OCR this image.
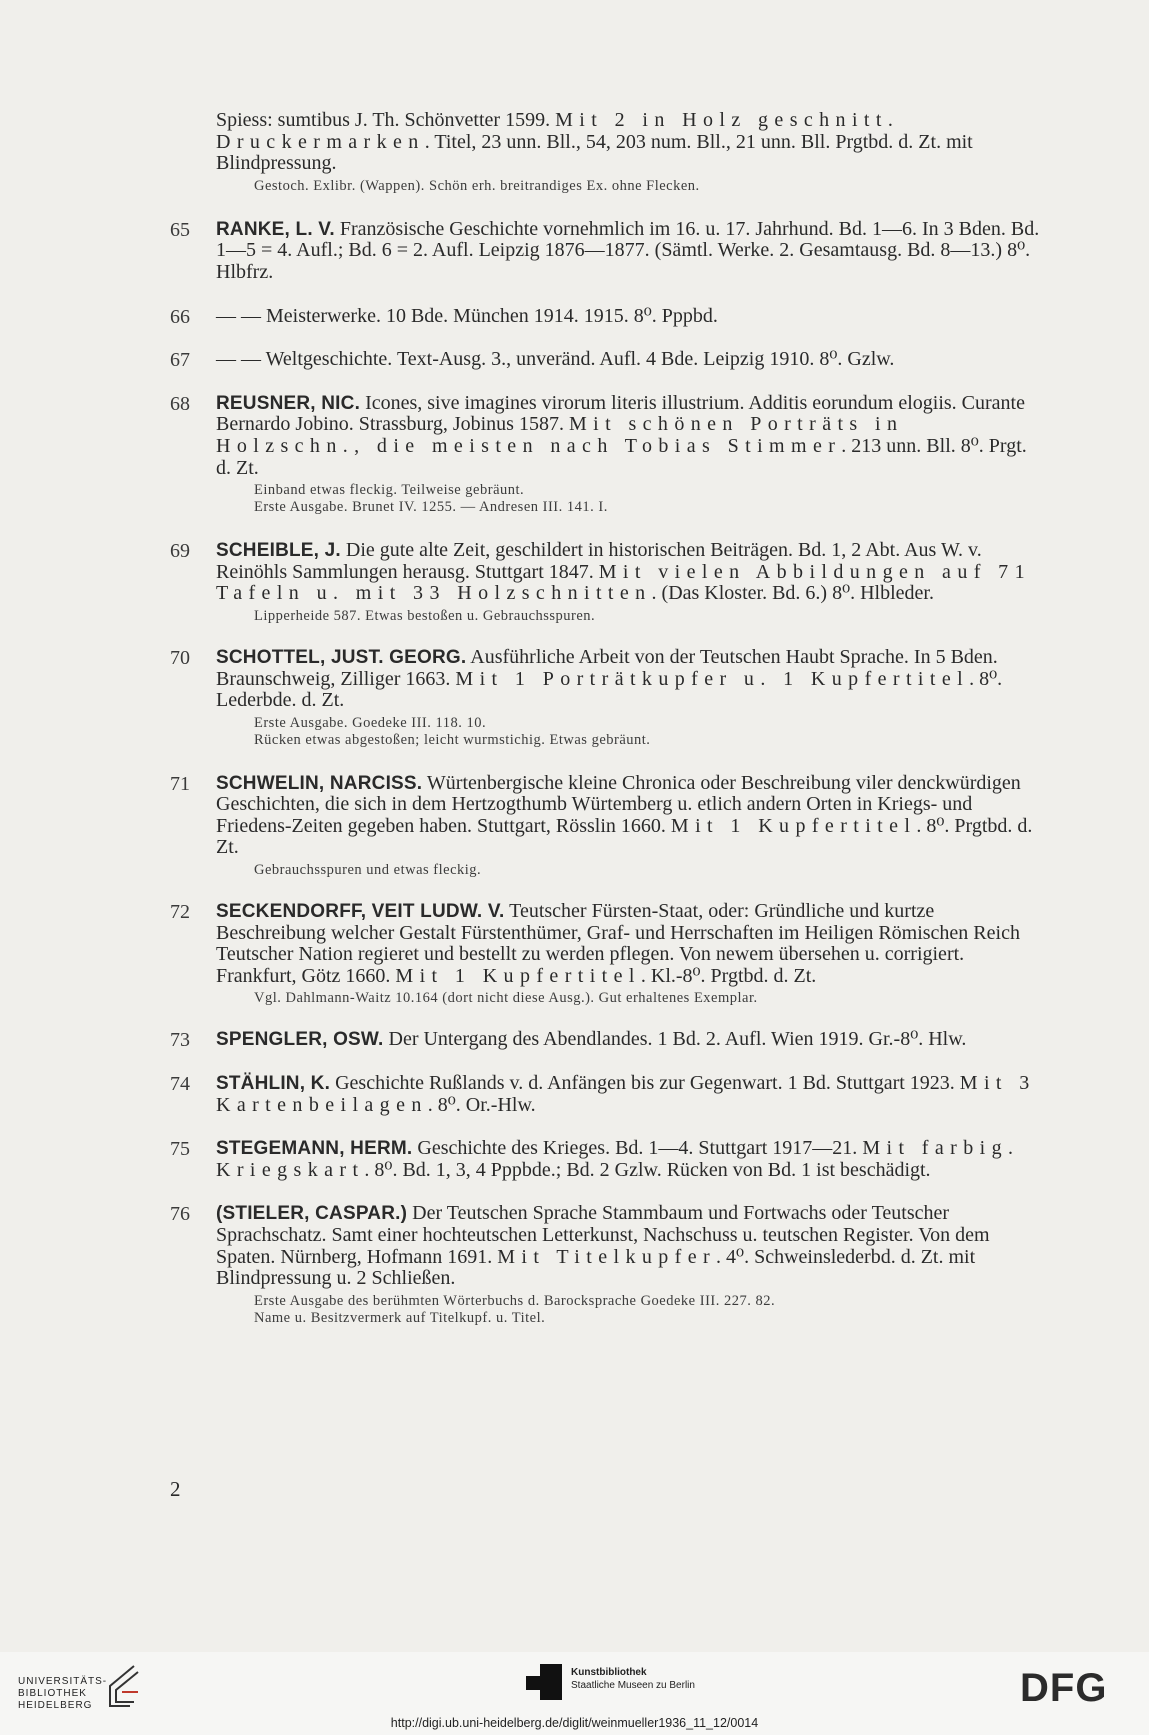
Spiess: sumtibus J. Th. Schönvetter 1599. Mit 2 in Holz geschnitt. Druckermarken. Titel, 23 unn. Bll., 54, 203 num. Bll., 21 unn. Bll. Prgtbd. d. Zt. mit Blindpressung.
Gestoch. Exlibr. (Wappen). Schön erh. breitrandiges Ex. ohne Flecken.
65 RANKE, L. V. Französische Geschichte vornehmlich im 16. u. 17. Jahrhund. Bd. 1—6. In 3 Bden. Bd. 1—5 = 4. Aufl.; Bd. 6 = 2. Aufl. Leipzig 1876—1877. (Sämtl. Werke. 2. Gesamtausg. Bd. 8—13.) 8⁰. Hlbfrz.
66 — — Meisterwerke. 10 Bde. München 1914. 1915. 8⁰. Pppbd.
67 — — Weltgeschichte. Text-Ausg. 3., unveränd. Aufl. 4 Bde. Leipzig 1910. 8⁰. Gzlw.
68 REUSNER, NIC. Icones, sive imagines virorum literis illustrium. Additis eorundum elogiis. Curante Bernardo Jobino. Strassburg, Jobinus 1587. Mit schönen Porträts in Holzschn., die meisten nach Tobias Stimmer. 213 unn. Bll. 8⁰. Prgt. d. Zt.
Einband etwas fleckig. Teilweise gebräunt.
Erste Ausgabe. Brunet IV. 1255. — Andresen III. 141. I.
69 SCHEIBLE, J. Die gute alte Zeit, geschildert in historischen Beiträgen. Bd. 1, 2 Abt. Aus W. v. Reinöhls Sammlungen herausg. Stuttgart 1847. Mit vielen Abbildungen auf 71 Tafeln u. mit 33 Holzschnitten. (Das Kloster. Bd. 6.) 8⁰. Hlbleder.
Lipperheide 587. Etwas bestoßen u. Gebrauchsspuren.
70 SCHOTTEL, JUST. GEORG. Ausführliche Arbeit von der Teutschen Haubt Sprache. In 5 Bden. Braunschweig, Zilliger 1663. Mit 1 Porträtkupfer u. 1 Kupfertitel. 8⁰. Lederbde. d. Zt.
Erste Ausgabe. Goedeke III. 118. 10.
Rücken etwas abgestoßen; leicht wurmstichig. Etwas gebräunt.
71 SCHWELIN, NARCISS. Würtenbergische kleine Chronica oder Beschreibung viler denckwürdigen Geschichten, die sich in dem Hertzogthumb Würtemberg u. etlich andern Orten in Kriegs- und Friedens-Zeiten gegeben haben. Stuttgart, Rösslin 1660. Mit 1 Kupfertitel. 8⁰. Prgtbd. d. Zt.
Gebrauchsspuren und etwas fleckig.
72 SECKENDORFF, VEIT LUDW. V. Teutscher Fürsten-Staat, oder: Gründliche und kurtze Beschreibung welcher Gestalt Fürstenthümer, Graf- und Herrschaften im Heiligen Römischen Reich Teutscher Nation regieret und bestellt zu werden pflegen. Von newem übersehen u. corrigiert. Frankfurt, Götz 1660. Mit 1 Kupfertitel. Kl.-8⁰. Prgtbd. d. Zt.
Vgl. Dahlmann-Waitz 10.164 (dort nicht diese Ausg.). Gut erhaltenes Exemplar.
73 SPENGLER, OSW. Der Untergang des Abendlandes. 1 Bd. 2. Aufl. Wien 1919. Gr.-8⁰. Hlw.
74 STÄHLIN, K. Geschichte Rußlands v. d. Anfängen bis zur Gegenwart. 1 Bd. Stuttgart 1923. Mit 3 Kartenbeilagen. 8⁰. Or.-Hlw.
75 STEGEMANN, HERM. Geschichte des Krieges. Bd. 1—4. Stuttgart 1917—21. Mit farbig. Kriegskart. 8⁰. Bd. 1, 3, 4 Pppbde.; Bd. 2 Gzlw. Rücken von Bd. 1 ist beschädigt.
76 (STIELER, CASPAR.) Der Teutschen Sprache Stammbaum und Fortwachs oder Teutscher Sprachschatz. Samt einer hochteutschen Letterkunst, Nachschuss u. teutschen Register. Von dem Spaten. Nürnberg, Hofmann 1691. Mit Titelkupfer. 4⁰. Schweinslederbd. d. Zt. mit Blindpressung u. 2 Schließen.
Erste Ausgabe des berühmten Wörterbuchs d. Barocksprache Goedeke III. 227. 82.
Name u. Besitzvermerk auf Titelkupf. u. Titel.
2
UNIVERSITÄTS-
BIBLIOTHEK
HEIDELBERG
Kunstbibliothek
Staatliche Museen zu Berlin	DFG
http://digi.ub.uni-heidelberg.de/diglit/weinmueller1936_11_12/0014
